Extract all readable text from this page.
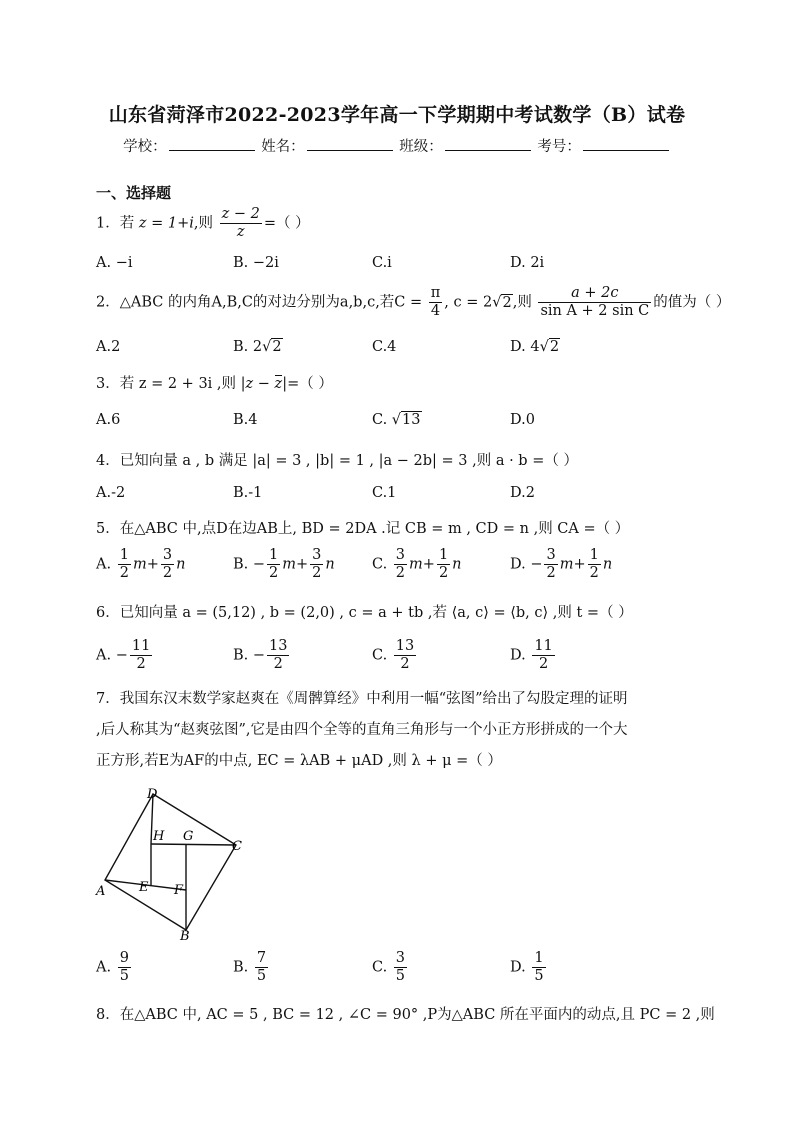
山东省菏泽市2022-2023学年高一下学期期中考试数学（B）试卷
学校：	姓名：	班级：	考号：
一、选择题
1．若 z = 1+i,则 $\frac{z - 2}{z}$ =（ ）
A. −i	B. −2i	C.i	D. 2i
2．△ABC 的内角A,B,C的对边分别为a,b,c,若$C = \frac{\pi}{4}$ , c = 2√2,则 $\frac{a + 2c}{\text{sin A + 2 sin C}}$ 的值为（ ）
A.2	B. 2√2	C.4	D. 4√2
3．若 z = 2 + 3i ,则 |z − z|=（ ）
A.6	B.4	C. √13	D.0
4．已知向量 a , b 满足 |a| = 3 , |b| = 1 , |a − 2b| = 3 ,则 a · b =（ ）
A.-2	B.-1	C.1	D.2
5．在△ABC 中,点D在边AB上, BD = 2DA .记 CB = m , CD = n ,则 CA =（ ）
A. $\frac{1}{2} m+ \frac{3}{2}$ n	B. − $\frac{1}{2} m+ \frac{3}{2}$ n	C. $\frac{3}{2} m+ \frac{1}{2}$ n	D. − $\frac{3}{2} m+ \frac{1}{2}$ n
6．已知向量 a = (5,12) , b = (2,0) , c = a + tb ,若 ⟨a, c⟩ = ⟨b, c⟩ ,则 t =（ ）
A. − $\frac{11}{2}$	B. − $\frac{13}{2}$	C. $\frac{13}{2}$	D. $\frac{11}{2}$
7．我国东汉末数学家赵爽在《周髀算经》中利用一幅“弦图”给出了勾股定理的证明
,后人称其为“赵爽弦图”,它是由四个全等的直角三角形与一个小正方形拼成的一个大
正方形,若E为AF的中点, EC = λAB + μAD ,则 λ + μ =（ ）
D
H G
C
A	E F
B
A. $\frac{9}{5}$	B. $\frac{7}{5}$	C. $\frac{3}{5}$	D. $\frac{1}{5}$
8．在△ABC 中, AC = 5 , BC = 12 , ∠C = 90° ,P为△ABC 所在平面内的动点,且 PC = 2 ,则
